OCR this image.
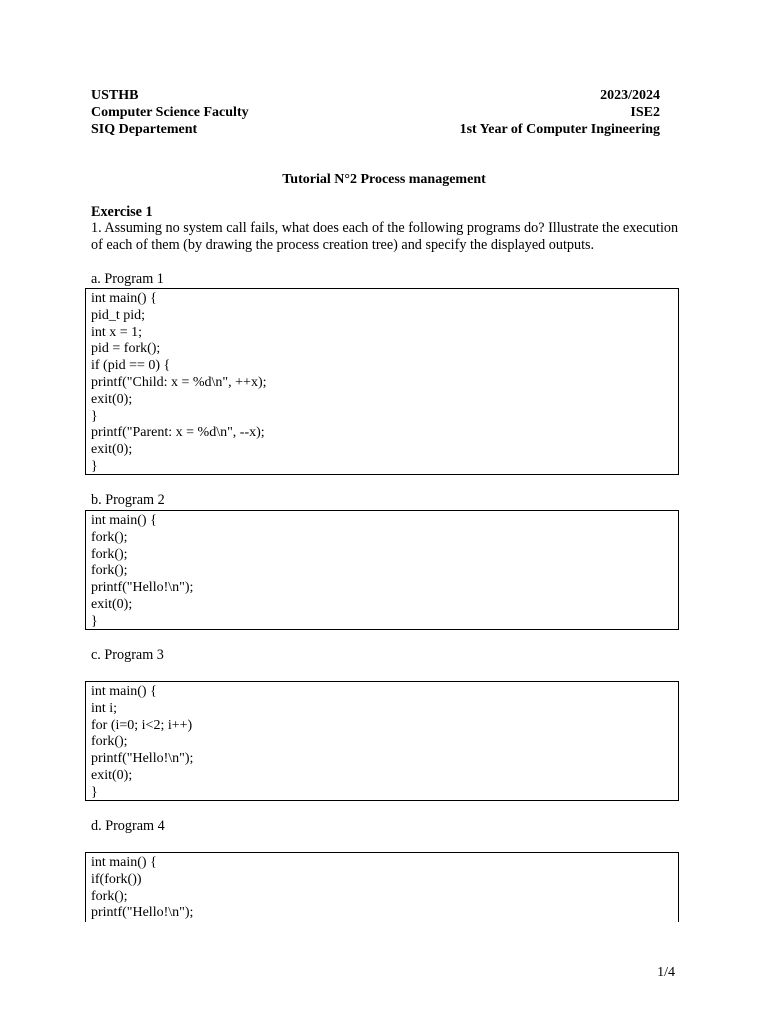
USTHB
Computer Science Faculty
SIQ Departement
2023/2024
ISE2
1st Year of Computer Ingineering
Tutorial N°2 Process management
Exercise 1
1. Assuming no system call fails, what does each of the following programs do? Illustrate the execution of each of them (by drawing the process creation tree) and specify the displayed outputs.
a. Program 1
int main() {
pid_t pid;
int x = 1;
pid = fork();
if (pid == 0) {
printf("Child: x = %d\n", ++x);
exit(0);
}
printf("Parent: x = %d\n", --x);
exit(0);
}
b. Program 2
int main() {
fork();
fork();
fork();
printf("Hello!\n");
exit(0);
}
c. Program 3
int main() {
int i;
for (i=0; i<2; i++)
fork();
printf("Hello!\n");
exit(0);
}
d. Program 4
int main() {
if(fork())
fork();
printf("Hello!\n");
1/4
